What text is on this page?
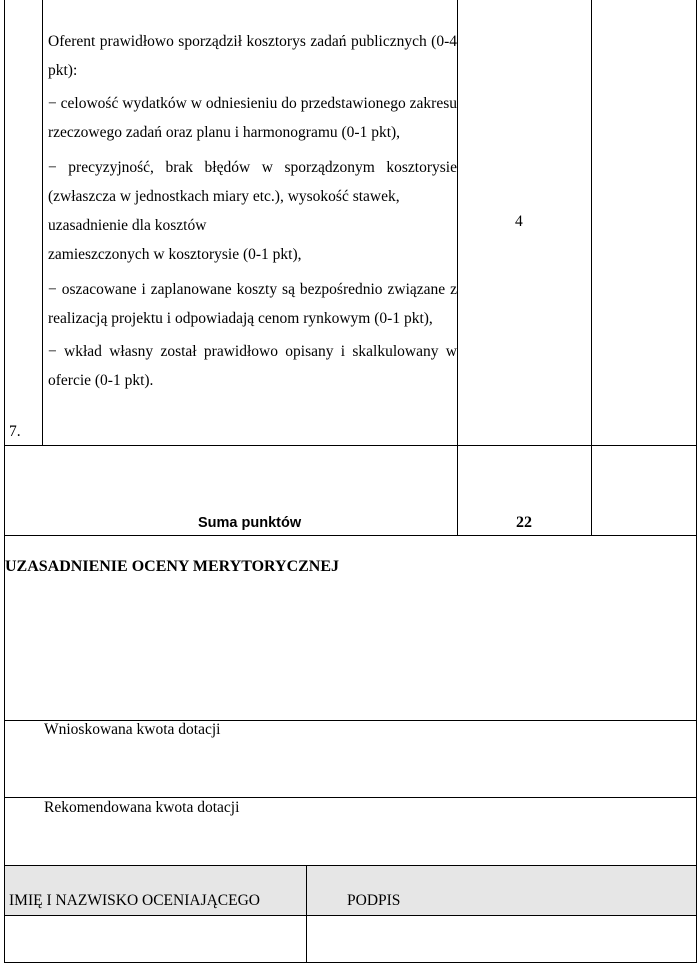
7.

Oferent prawidłowo sporządził kosztorys zadań publicznych (0-4 pkt):

− celowość wydatków w odniesieniu do przedstawionego zakresu rzeczowego zadań oraz planu i harmonogramu (0-1 pkt),

− precyzyjność, brak błędów w sporządzonym kosztorysie (zwłaszcza w jednostkach miary etc.), wysokość stawek,

uzasadnienie dla kosztów

zamieszczonych w kosztorysie (0-1 pkt),

− oszacowane i zaplanowane koszty są bezpośrednio związane z realizacją projektu i odpowiadają cenom rynkowym (0-1 pkt),

− wkład własny został prawidłowo opisany i skalkulowany w ofercie (0-1 pkt).

4
Suma punktów	22
UZASADNIENIE OCENY MERYTORYCZNEJ
Wnioskowana kwota dotacji
Rekomendowana kwota dotacji
IMIĘ I NAZWISKO OCENIAJĄCEGO	PODPIS
